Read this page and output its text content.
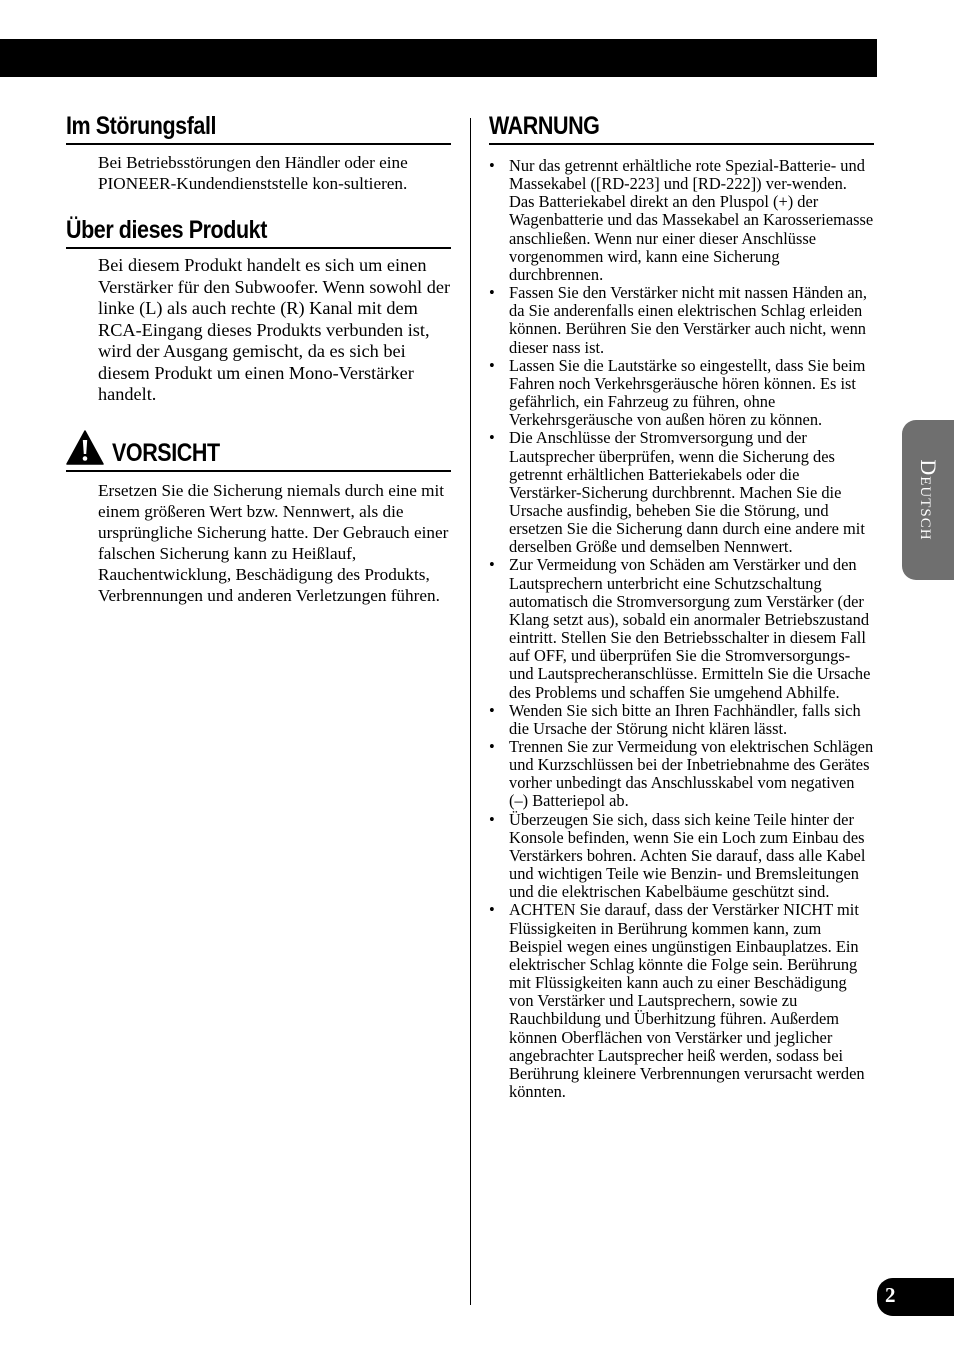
Im Störungsfall

Bei Betriebsstörungen den Händler oder eine PIONEER-Kundendienststelle kon-sultieren.

Über dieses Produkt

Bei diesem Produkt handelt es sich um einen Verstärker für den Subwoofer. Wenn sowohl der linke (L) als auch rechte (R) Kanal mit dem RCA-Eingang dieses Produkts verbunden ist, wird der Ausgang gemischt, da es sich bei diesem Produkt um einen Mono-Verstärker handelt.

VORSICHT

Ersetzen Sie die Sicherung niemals durch eine mit einem größeren Wert bzw. Nennwert, als die ursprüngliche Sicherung hatte. Der Gebrauch einer falschen Sicherung kann zu Heißlauf, Rauchentwicklung, Beschädigung des Produkts, Verbrennungen und anderen Verletzungen führen.

WARNUNG
• Nur das getrennt erhältliche rote Spezial-Batterie- und Massekabel ([RD-223] und [RD-222]) ver-wenden. Das Batteriekabel direkt an den Pluspol (+) der Wagenbatterie und das Massekabel an Karosseriemasse anschließen. Wenn nur einer dieser Anschlüsse vorgenommen wird, kann eine Sicherung durchbrennen.
• Fassen Sie den Verstärker nicht mit nassen Händen an, da Sie anderenfalls einen elektrischen Schlag erleiden können. Berühren Sie den Verstärker auch nicht, wenn dieser nass ist.
• Lassen Sie die Lautstärke so eingestellt, dass Sie beim Fahren noch Verkehrsgeräusche hören können. Es ist gefährlich, ein Fahrzeug zu führen, ohne Verkehrsgeräusche von außen hören zu können.
• Die Anschlüsse der Stromversorgung und der Lautsprecher überprüfen, wenn die Sicherung des getrennt erhältlichen Batteriekabels oder die Verstärker-Sicherung durchbrennt. Machen Sie die Ursache ausfindig, beheben Sie die Störung, und ersetzen Sie die Sicherung dann durch eine andere mit derselben Größe und demselben Nennwert.
• Zur Vermeidung von Schäden am Verstärker und den Lautsprechern unterbricht eine Schutzschaltung automatisch die Stromversorgung zum Verstärker (der Klang setzt aus), sobald ein anormaler Betriebszustand eintritt. Stellen Sie den Betriebsschalter in diesem Fall auf OFF, und überprüfen Sie die Stromversorgungs- und Lautsprecheranschlüsse. Ermitteln Sie die Ursache des Problems und schaffen Sie umgehend Abhilfe.
• Wenden Sie sich bitte an Ihren Fachhändler, falls sich die Ursache der Störung nicht klären lässt.
• Trennen Sie zur Vermeidung von elektrischen Schlägen und Kurzschlüssen bei der Inbetriebnahme des Gerätes vorher unbedingt das Anschlusskabel vom negativen (–) Batteriepol ab.
• Überzeugen Sie sich, dass sich keine Teile hinter der Konsole befinden, wenn Sie ein Loch zum Einbau des Verstärkers bohren. Achten Sie darauf, dass alle Kabel und wichtigen Teile wie Benzin- und Bremsleitungen und die elektrischen Kabelbäume geschützt sind.
• ACHTEN Sie darauf, dass der Verstärker NICHT mit Flüssigkeiten in Berührung kommen kann, zum Beispiel wegen eines ungünstigen Einbauplatzes. Ein elektrischer Schlag könnte die Folge sein. Berührung mit Flüssigkeiten kann auch zu einer Beschädigung von Verstärker und Lautsprechern, sowie zu Rauchbildung und Überhitzung führen. Außerdem können Oberflächen von Verstärker und jeglicher angebrachter Lautsprecher heiß werden, sodass bei Berührung kleinere Verbrennungen verursacht werden könnten.
Deutsch
2
